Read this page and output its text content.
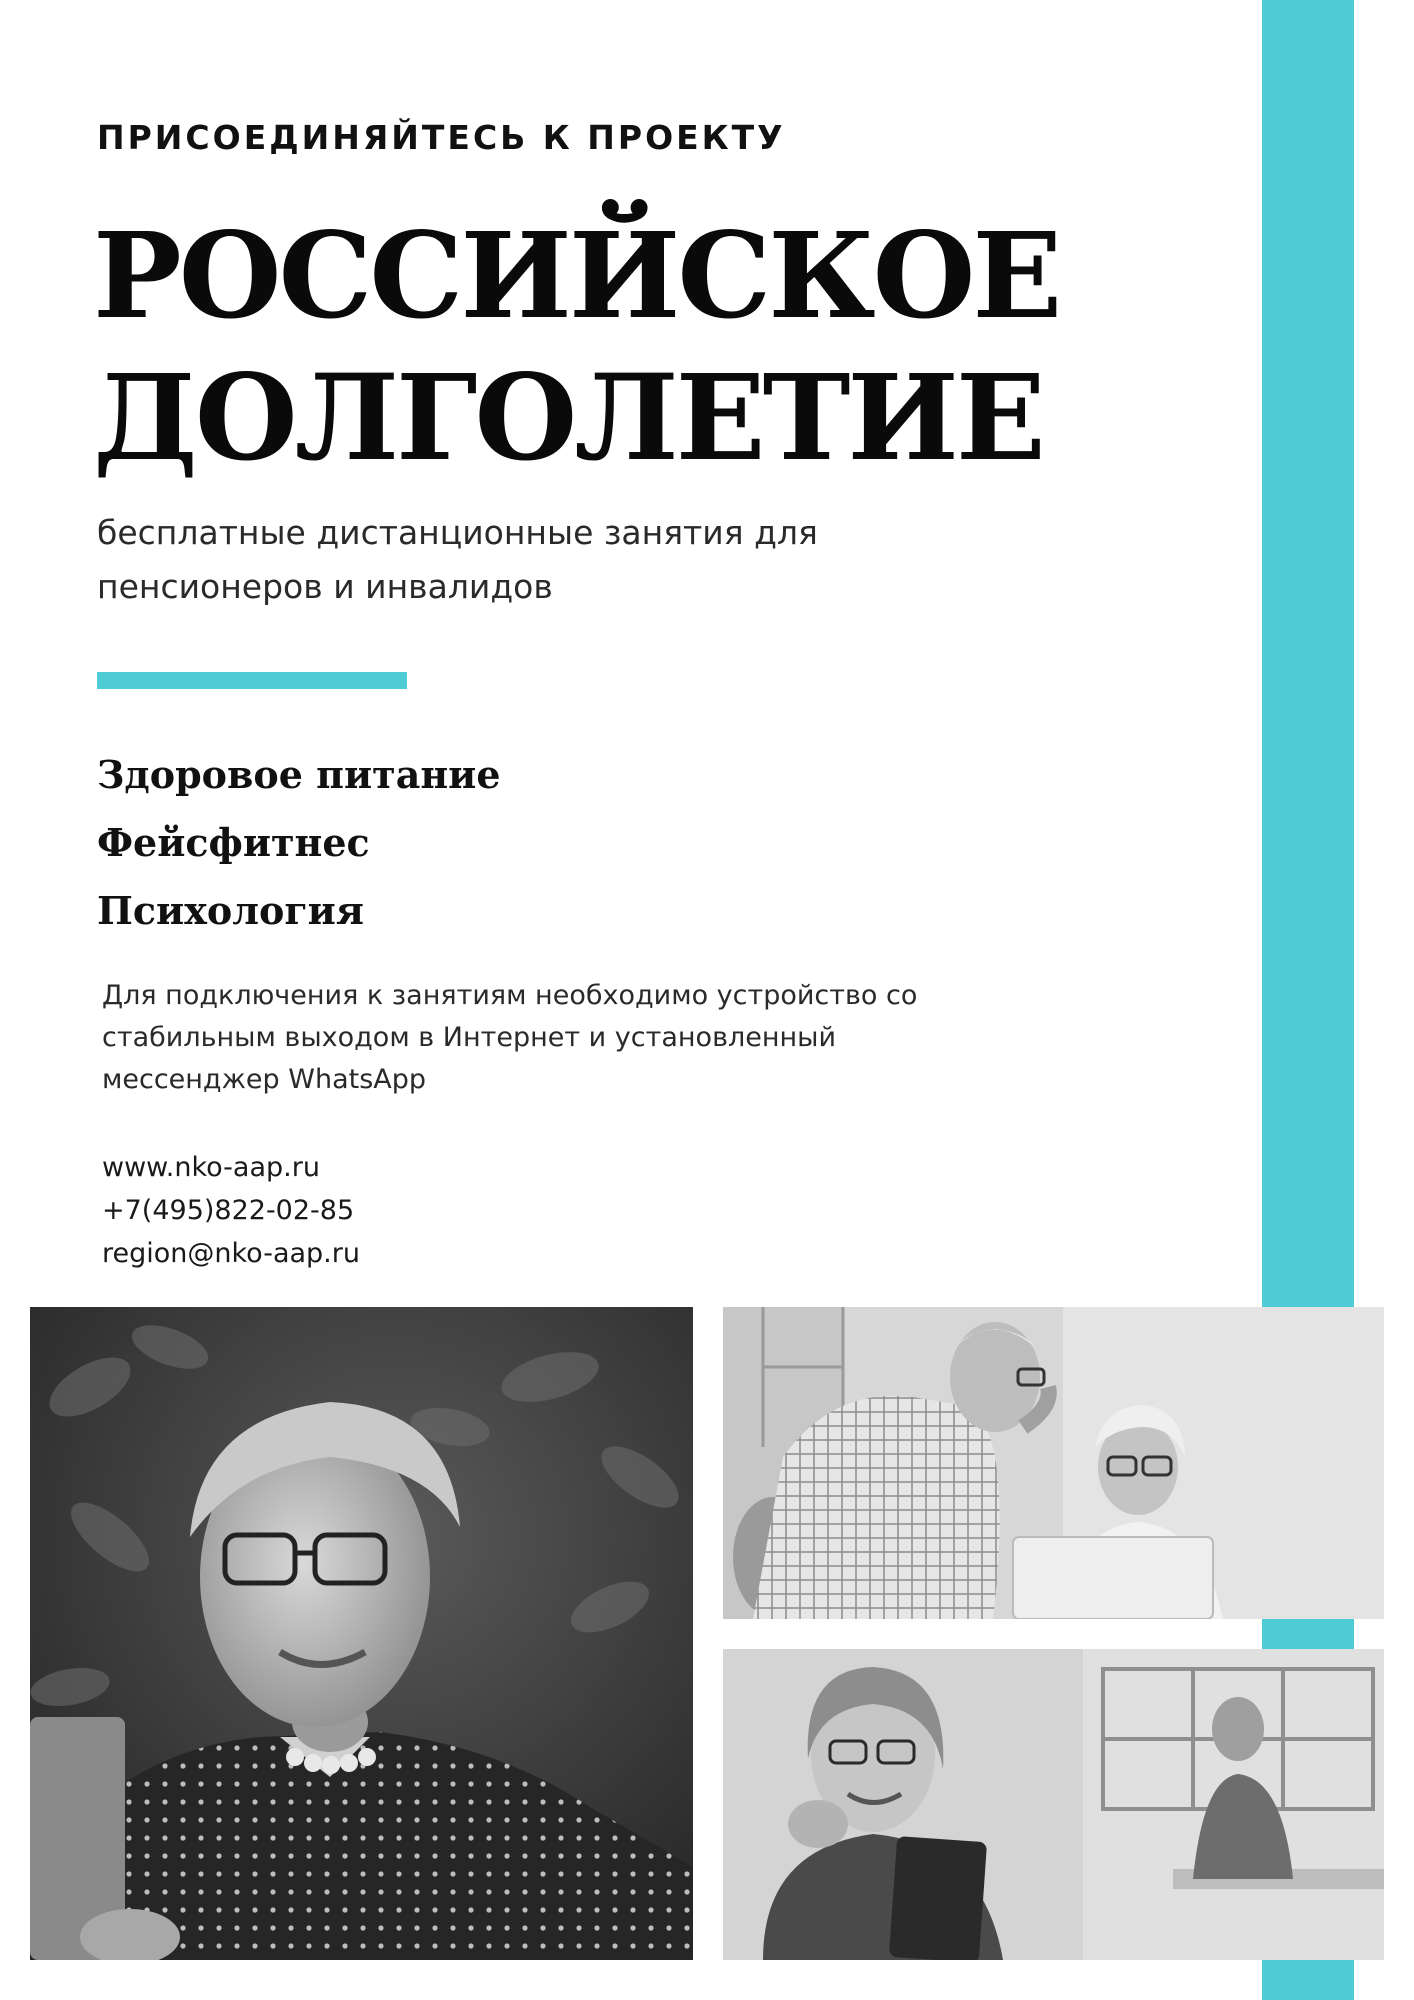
ПРИСОЕДИНЯЙТЕСЬ К ПРОЕКТУ
РОССИЙСКОЕ
ДОЛГОЛЕТИЕ
бесплатные дистанционные занятия для
пенсионеров и инвалидов
Здоровое питание
Фейсфитнес
Психология
Для подключения к занятиям необходимо устройство со
стабильным выходом в Интернет и установленный
мессенджер WhatsApp
www.nko-aap.ru
+7(495)822-02-85
region@nko-aap.ru
